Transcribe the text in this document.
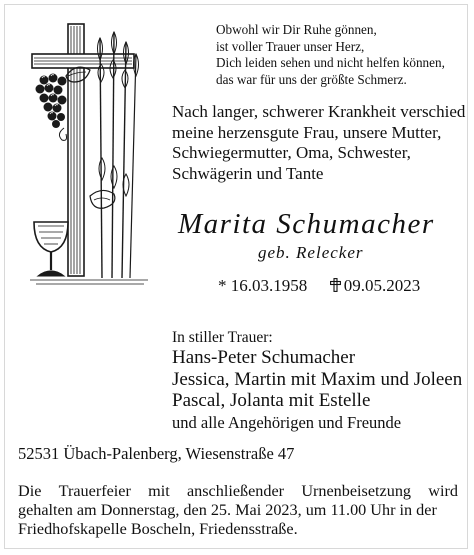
Obwohl wir Dir Ruhe gönnen,
ist voller Trauer unser Herz,
Dich leiden sehen und nicht helfen können,
das war für uns der größte Schmerz.
Nach langer, schwerer Krankheit verschied
meine herzensgute Frau, unsere Mutter,
Schwiegermutter, Oma, Schwester,
Schwägerin und Tante
Marita Schumacher
geb. Relecker
* 16.03.1958 09.05.2023
In stiller Trauer:
Hans-Peter Schumacher
Jessica, Martin mit Maxim und Joleen
Pascal, Jolanta mit Estelle
und alle Angehörigen und Freunde
52531 Übach-Palenberg, Wiesenstraße 47
Die Trauerfeier mit anschließender Urnenbeisetzung wird
gehalten am Donnerstag, den 25. Mai 2023, um 11.00 Uhr in der
Friedhofskapelle Boscheln, Friedensstraße.
